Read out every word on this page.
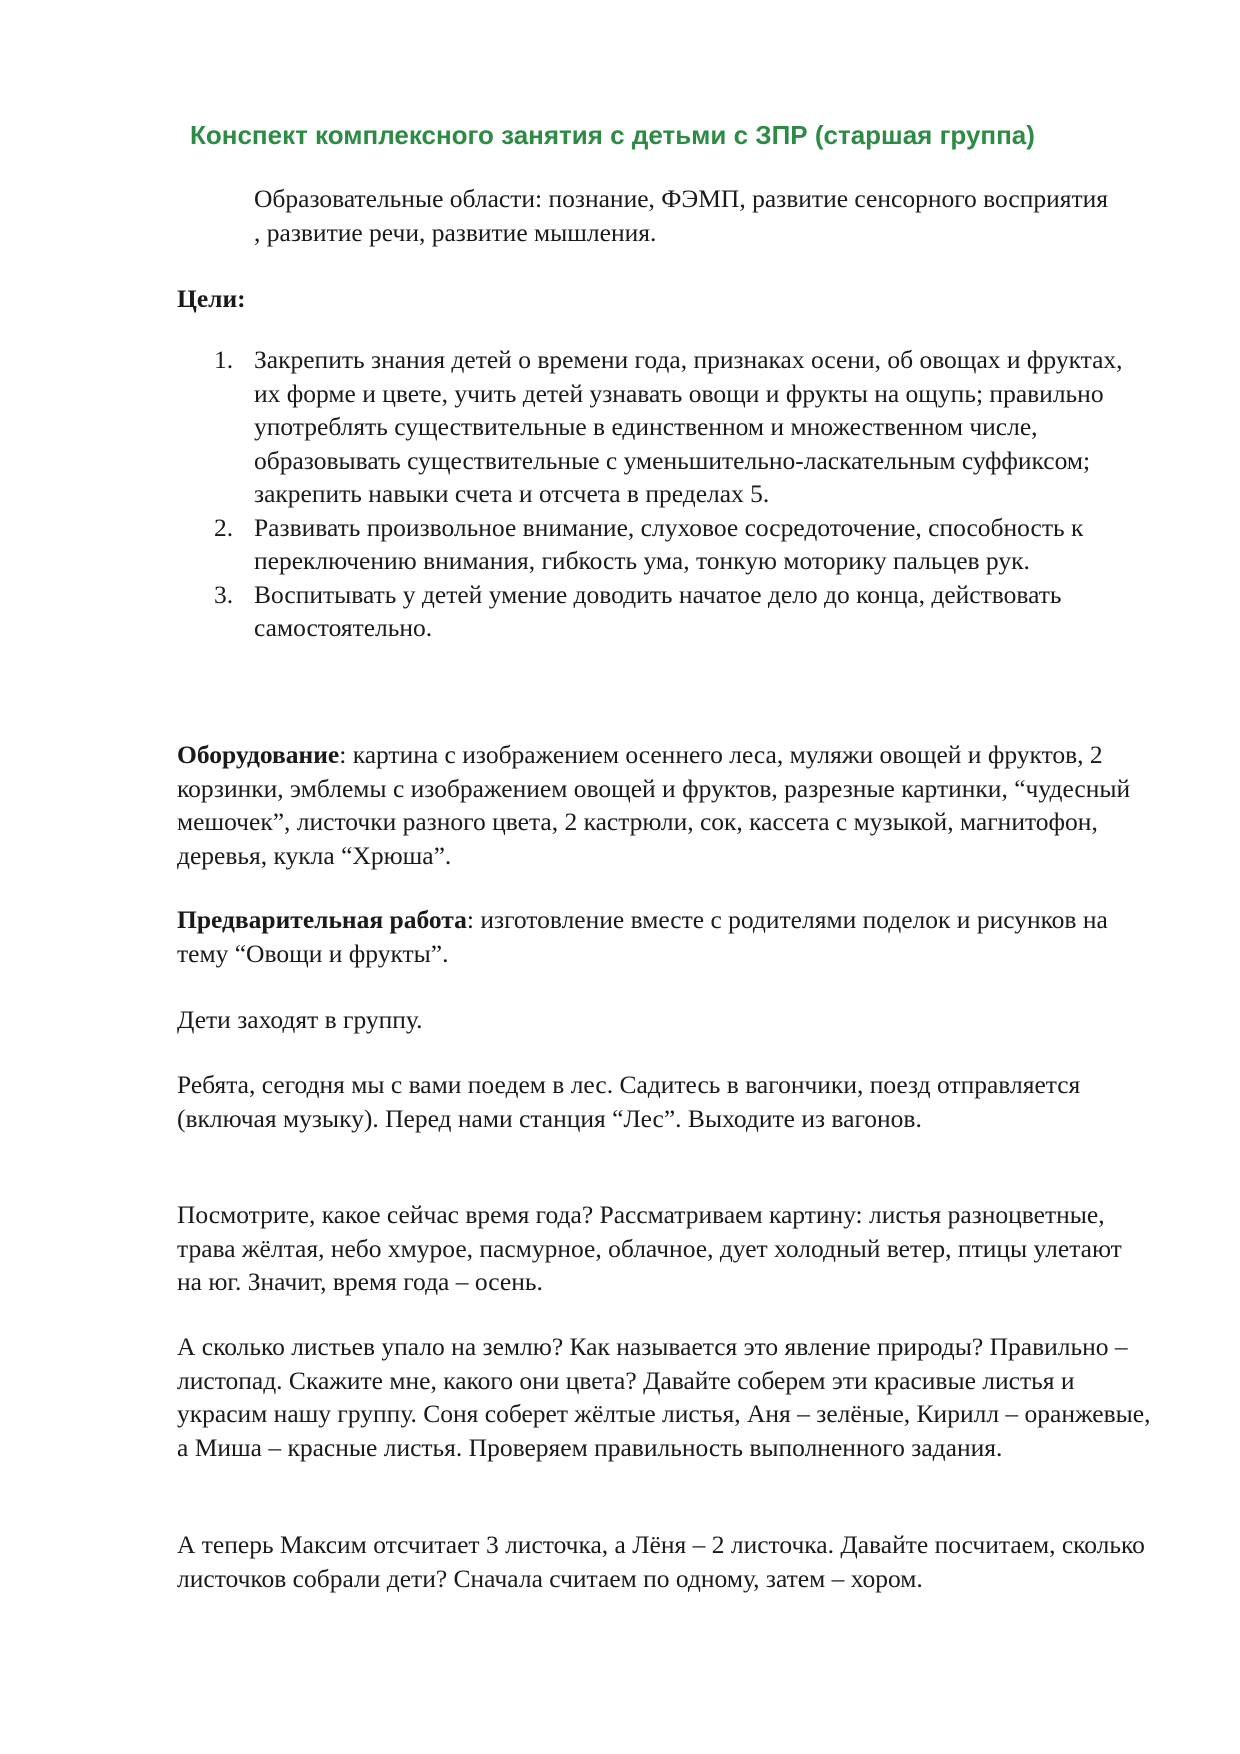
Конспект комплексного занятия с детьми с ЗПР (старшая группа)

Образовательные области: познание, ФЭМП, развитие сенсорного восприятия , развитие речи, развитие мышления.

Цели:

1. Закрепить знания детей о времени года, признаках осени, об овощах и фруктах, их форме и цвете, учить детей узнавать овощи и фрукты на ощупь; правильно употреблять существительные в единственном и множественном числе, образовывать существительные с уменьшительно-ласкательным суффиксом; закрепить навыки счета и отсчета в пределах 5.
2. Развивать произвольное внимание, слуховое сосредоточение, способность к переключению внимания, гибкость ума, тонкую моторику пальцев рук.
3. Воспитывать у детей умение доводить начатое дело до конца, действовать самостоятельно.

Оборудование: картина с изображением осеннего леса, муляжи овощей и фруктов, 2 корзинки, эмблемы с изображением овощей и фруктов, разрезные картинки, “чудесный мешочек”, листочки разного цвета, 2 кастрюли, сок, кассета с музыкой, магнитофон, деревья, кукла “Хрюша”.

Предварительная работа: изготовление вместе с родителями поделок и рисунков на тему “Овощи и фрукты”.

Дети заходят в группу.

Ребята, сегодня мы с вами поедем в лес. Садитесь в вагончики, поезд отправляется (включая музыку). Перед нами станция “Лес”. Выходите из вагонов.

Посмотрите, какое сейчас время года? Рассматриваем картину: листья разноцветные, трава жёлтая, небо хмурое, пасмурное, облачное, дует холодный ветер, птицы улетают на юг. Значит, время года – осень.

А сколько листьев упало на землю? Как называется это явление природы? Правильно – листопад. Скажите мне, какого они цвета? Давайте соберем эти красивые листья и украсим нашу группу. Соня соберет жёлтые листья, Аня – зелёные, Кирилл – оранжевые, а Миша – красные листья. Проверяем правильность выполненного задания.

А теперь Максим отсчитает 3 листочка, а Лёня – 2 листочка. Давайте посчитаем, сколько листочков собрали дети? Сначала считаем по одному, затем – хором.
